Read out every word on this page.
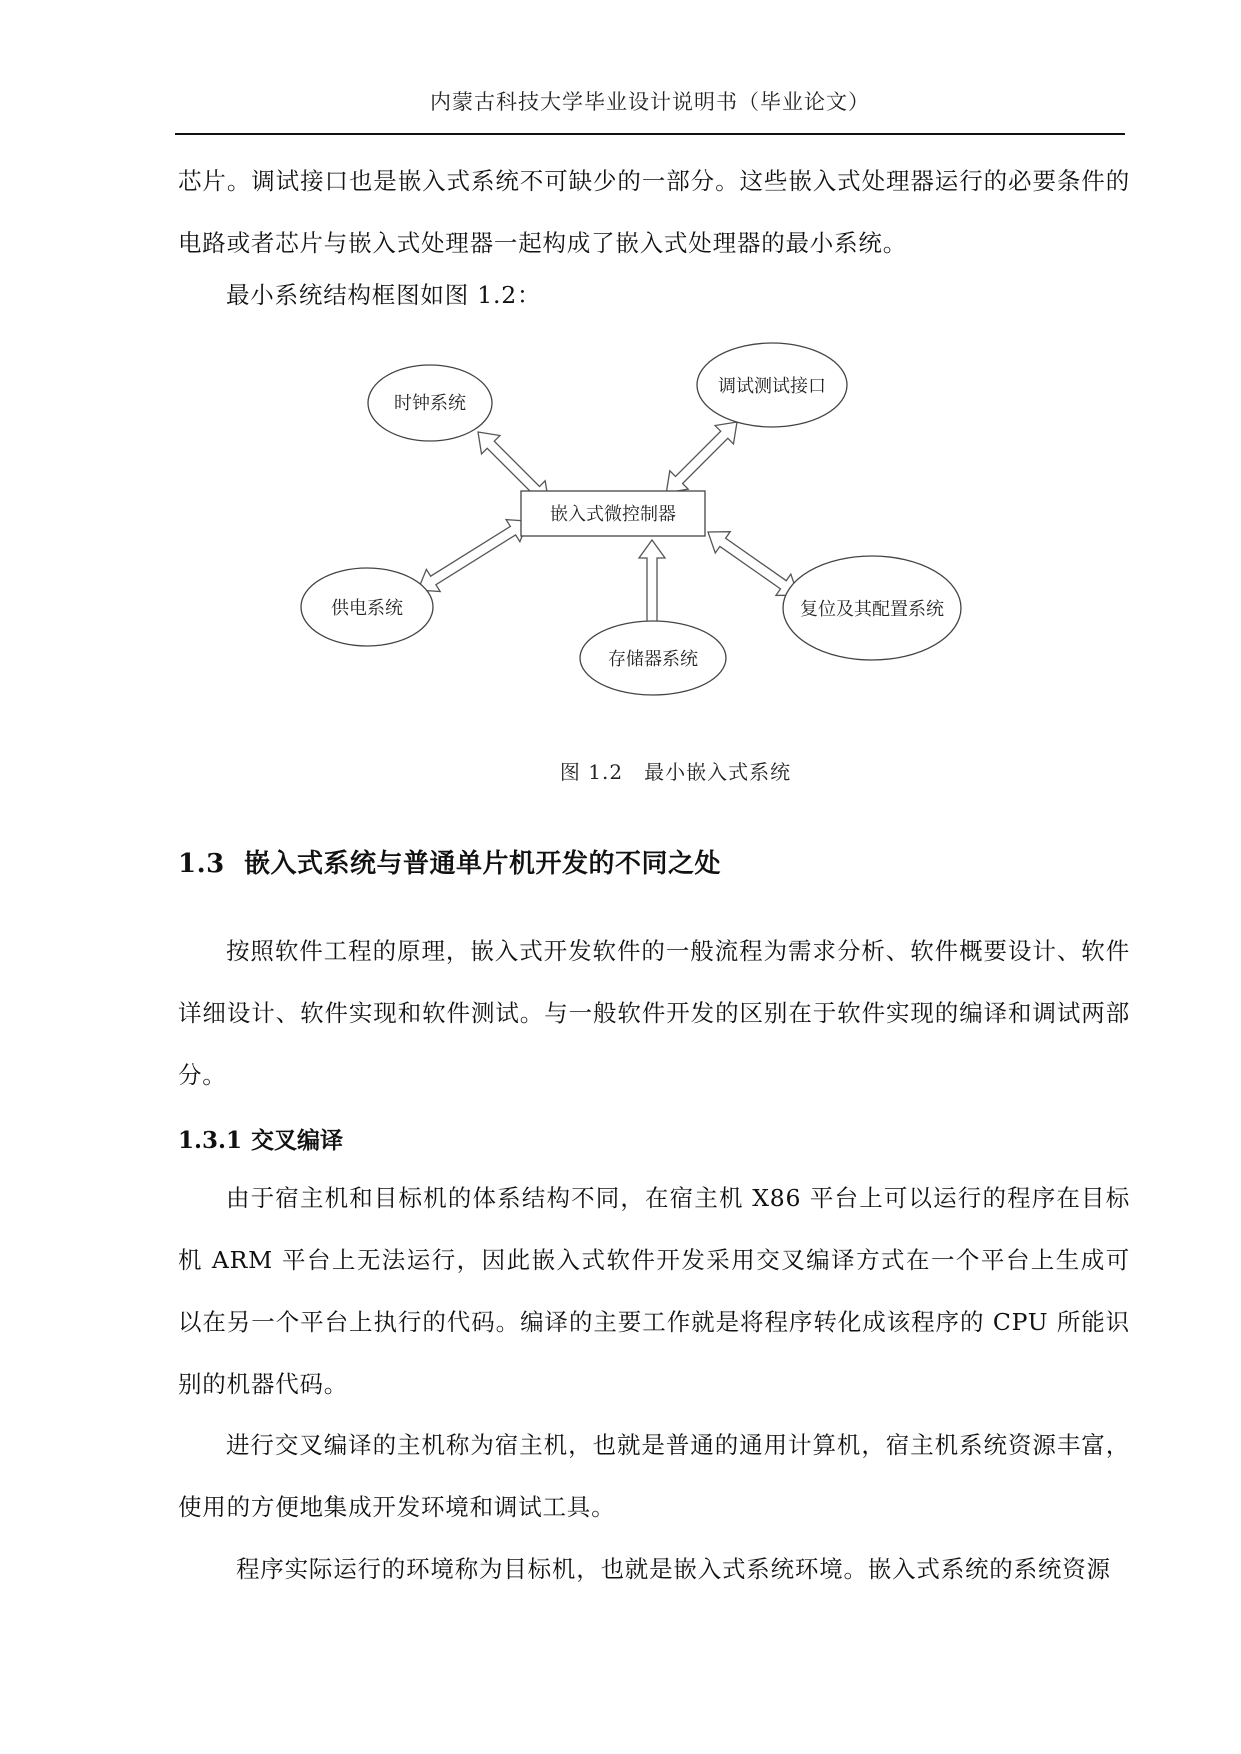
内蒙古科技大学毕业设计说明书（毕业论文）

芯片。调试接口也是嵌入式系统不可缺少的一部分。这些嵌入式处理器运行的必要条件的电路或者芯片与嵌入式处理器一起构成了嵌入式处理器的最小系统。

最小系统结构框图如图 1.2：

嵌入式微控制器
时钟系统
调试测试接口
供电系统
存储器系统
复位及其配置系统
图 1.2　最小嵌入式系统
1.3 嵌入式系统与普通单片机开发的不同之处

按照软件工程的原理，嵌入式开发软件的一般流程为需求分析、软件概要设计、软件详细设计、软件实现和软件测试。与一般软件开发的区别在于软件实现的编译和调试两部分。

1.3.1 交叉编译

由于宿主机和目标机的体系结构不同，在宿主机 X86 平台上可以运行的程序在目标机 ARM 平台上无法运行，因此嵌入式软件开发采用交叉编译方式在一个平台上生成可以在另一个平台上执行的代码。编译的主要工作就是将程序转化成该程序的 CPU 所能识别的机器代码。

进行交叉编译的主机称为宿主机，也就是普通的通用计算机，宿主机系统资源丰富，使用的方便地集成开发环境和调试工具。

程序实际运行的环境称为目标机，也就是嵌入式系统环境。嵌入式系统的系统资源
